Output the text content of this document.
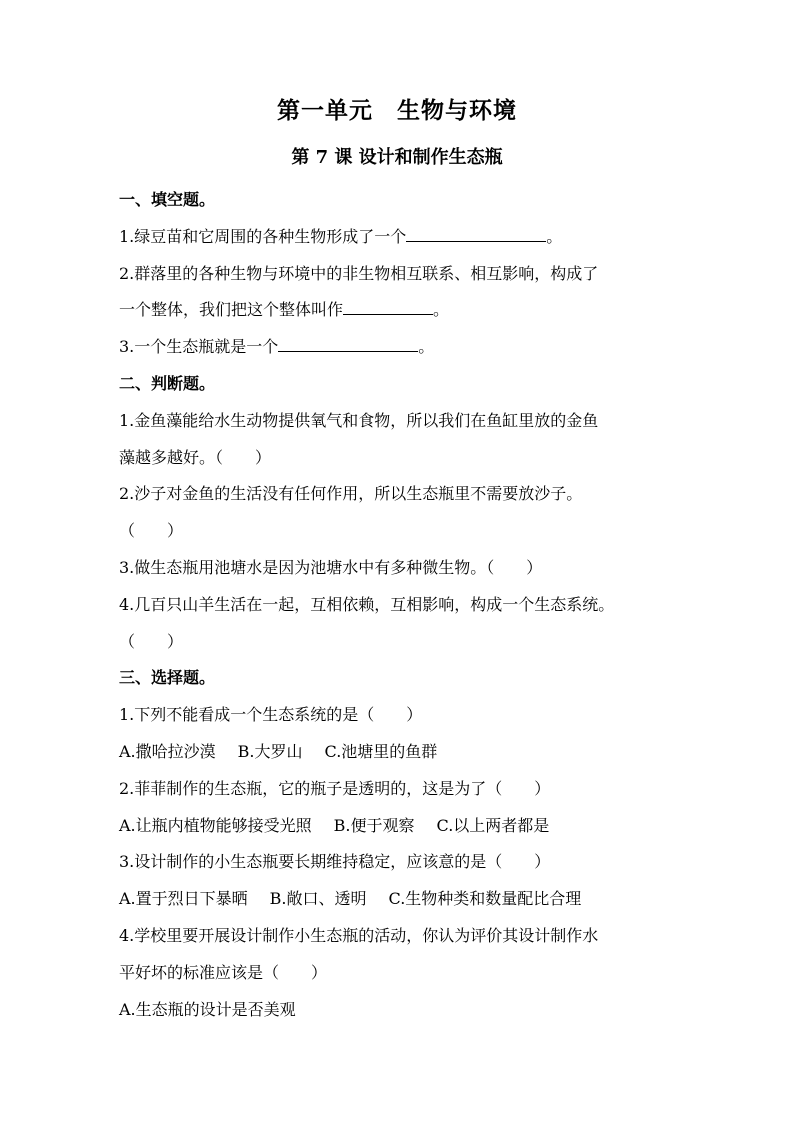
第一单元　生物与环境
第 7 课 设计和制作生态瓶
一、填空题。
1.绿豆苗和它周围的各种生物形成了一个	。
2.群落里的各种生物与环境中的非生物相互联系、相互影响，构成了
一个整体，我们把这个整体叫作	。
3.一个生态瓶就是一个	。
二、判断题。
1.金鱼藻能给水生动物提供氧气和食物，所以我们在鱼缸里放的金鱼
藻越多越好。（　　）
2.沙子对金鱼的生活没有任何作用，所以生态瓶里不需要放沙子。
（　　）
3.做生态瓶用池塘水是因为池塘水中有多种微生物。（　　）
4.几百只山羊生活在一起，互相依赖，互相影响，构成一个生态系统。
（　　）
三、选择题。
1.下列不能看成一个生态系统的是（　　）
A.撒哈拉沙漠 B.大罗山 C.池塘里的鱼群
2.菲菲制作的生态瓶，它的瓶子是透明的，这是为了（　　）
A.让瓶内植物能够接受光照 B.便于观察 C.以上两者都是
3.设计制作的小生态瓶要长期维持稳定，应该意的是（　　）
A.置于烈日下暴晒 B.敞口、透明 C.生物种类和数量配比合理
4.学校里要开展设计制作小生态瓶的活动，你认为评价其设计制作水
平好坏的标准应该是（　　）
A.生态瓶的设计是否美观
